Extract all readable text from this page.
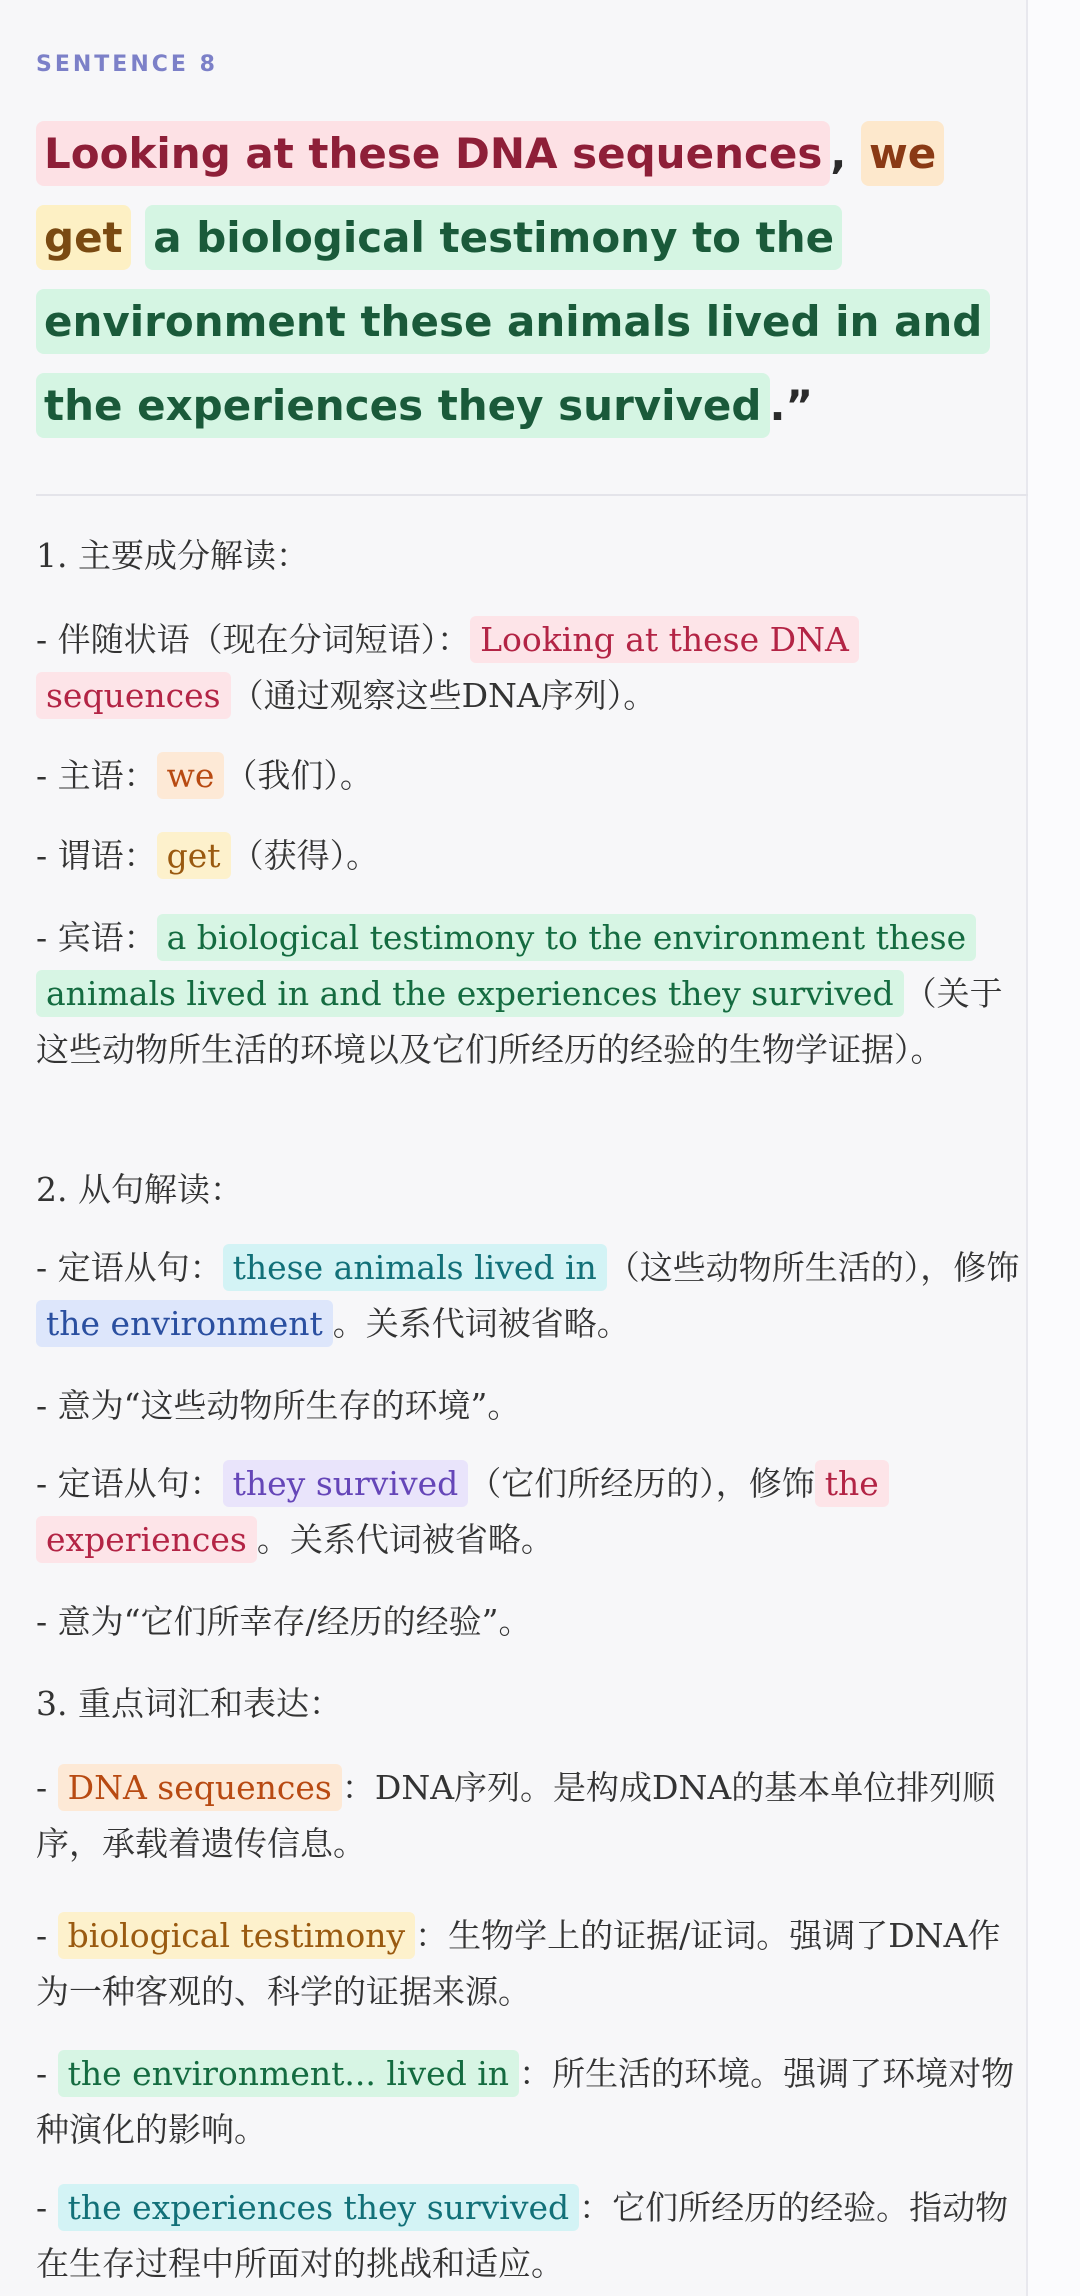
SENTENCE 8
Looking at these DNA sequences , we get a biological testimony to the environment these animals lived in and the experiences they survived .”
1. 主要成分解读：
- 伴随状语（现在分词短语）： Looking at these DNA sequences （通过观察这些DNA序列）。
- 主语： we （我们）。
- 谓语： get （获得）。
- 宾语： a biological testimony to the environment these animals lived in and the experiences they survived （关于这些动物所生活的环境以及它们所经历的经验的生物学证据）。
2. 从句解读：
- 定语从句： these animals lived in （这些动物所生活的），修饰the environment 。关系代词被省略。
- 意为“这些动物所生存的环境”。
- 定语从句： they survived （它们所经历的），修饰 the experiences 。关系代词被省略。
- 意为“它们所幸存/经历的经验”。
3. 重点词汇和表达：
- DNA sequences ：DNA序列。是构成DNA的基本单位排列顺序，承载着遗传信息。
- biological testimony ：生物学上的证据/证词。强调了DNA作为一种客观的、科学的证据来源。
- the environment... lived in ：所生活的环境。强调了环境对物种演化的影响。
- the experiences they survived ：它们所经历的经验。指动物在生存过程中所面对的挑战和适应。
